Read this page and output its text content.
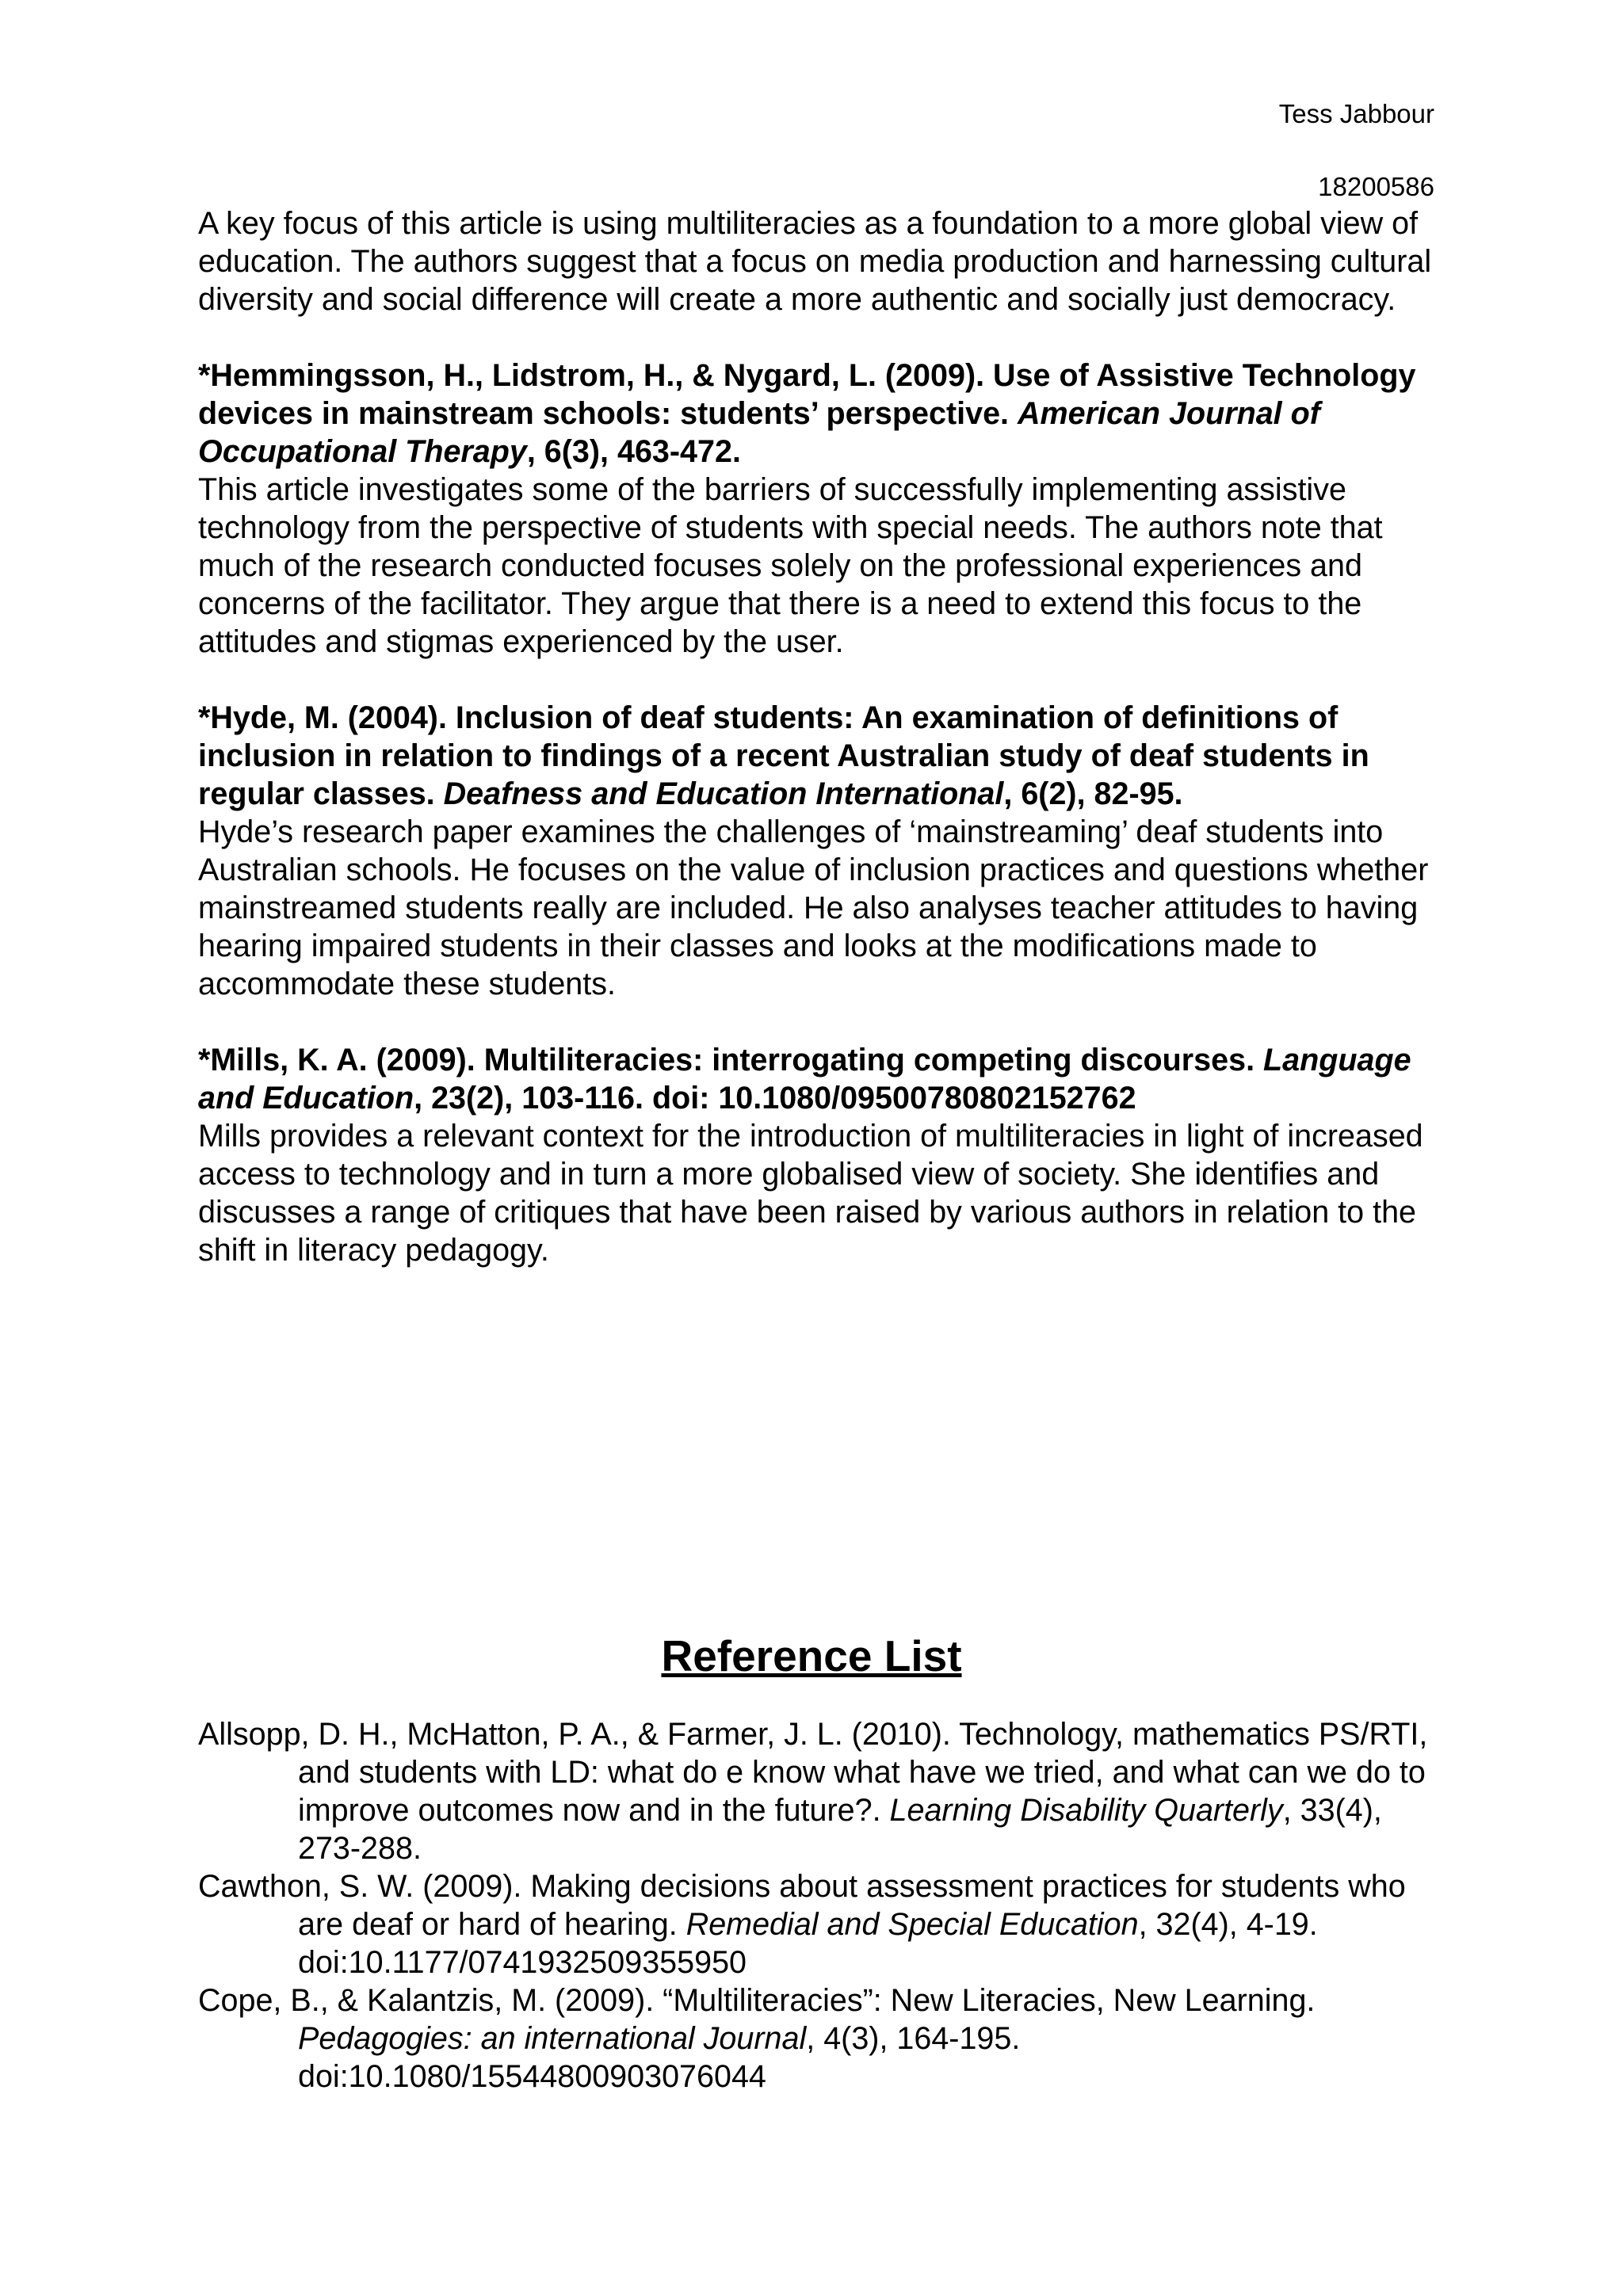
Tess Jabbour

18200586

A key focus of this article is using multiliteracies as a foundation to a more global view of education. The authors suggest that a focus on media production and harnessing cultural diversity and social difference will create a more authentic and socially just democracy.

*Hemmingsson, H., Lidstrom, H., & Nygard, L. (2009). Use of Assistive Technology devices in mainstream schools: students’ perspective. American Journal of Occupational Therapy, 6(3), 463-472.

This article investigates some of the barriers of successfully implementing assistive technology from the perspective of students with special needs. The authors note that much of the research conducted focuses solely on the professional experiences and concerns of the facilitator. They argue that there is a need to extend this focus to the attitudes and stigmas experienced by the user.

*Hyde, M. (2004). Inclusion of deaf students: An examination of definitions of inclusion in relation to findings of a recent Australian study of deaf students in regular classes. Deafness and Education International, 6(2), 82-95.

Hyde’s research paper examines the challenges of ‘mainstreaming’ deaf students into Australian schools. He focuses on the value of inclusion practices and questions whether mainstreamed students really are included. He also analyses teacher attitudes to having hearing impaired students in their classes and looks at the modifications made to accommodate these students.

*Mills, K. A. (2009). Multiliteracies: interrogating competing discourses. Language and Education, 23(2), 103-116. doi: 10.1080/09500780802152762

Mills provides a relevant context for the introduction of multiliteracies in light of increased access to technology and in turn a more globalised view of society. She identifies and discusses a range of critiques that have been raised by various authors in relation to the shift in literacy pedagogy.

Reference List

Allsopp, D. H., McHatton, P. A., & Farmer, J. L. (2010). Technology, mathematics PS/RTI, and students with LD: what do e know what have we tried, and what can we do to improve outcomes now and in the future?. Learning Disability Quarterly, 33(4), 273-288.

Cawthon, S. W. (2009). Making decisions about assessment practices for students who are deaf or hard of hearing. Remedial and Special Education, 32(4), 4-19. doi:10.1177/0741932509355950

Cope, B., & Kalantzis, M. (2009). “Multiliteracies”: New Literacies, New Learning. Pedagogies: an international Journal, 4(3), 164-195. doi:10.1080/15544800903076044
